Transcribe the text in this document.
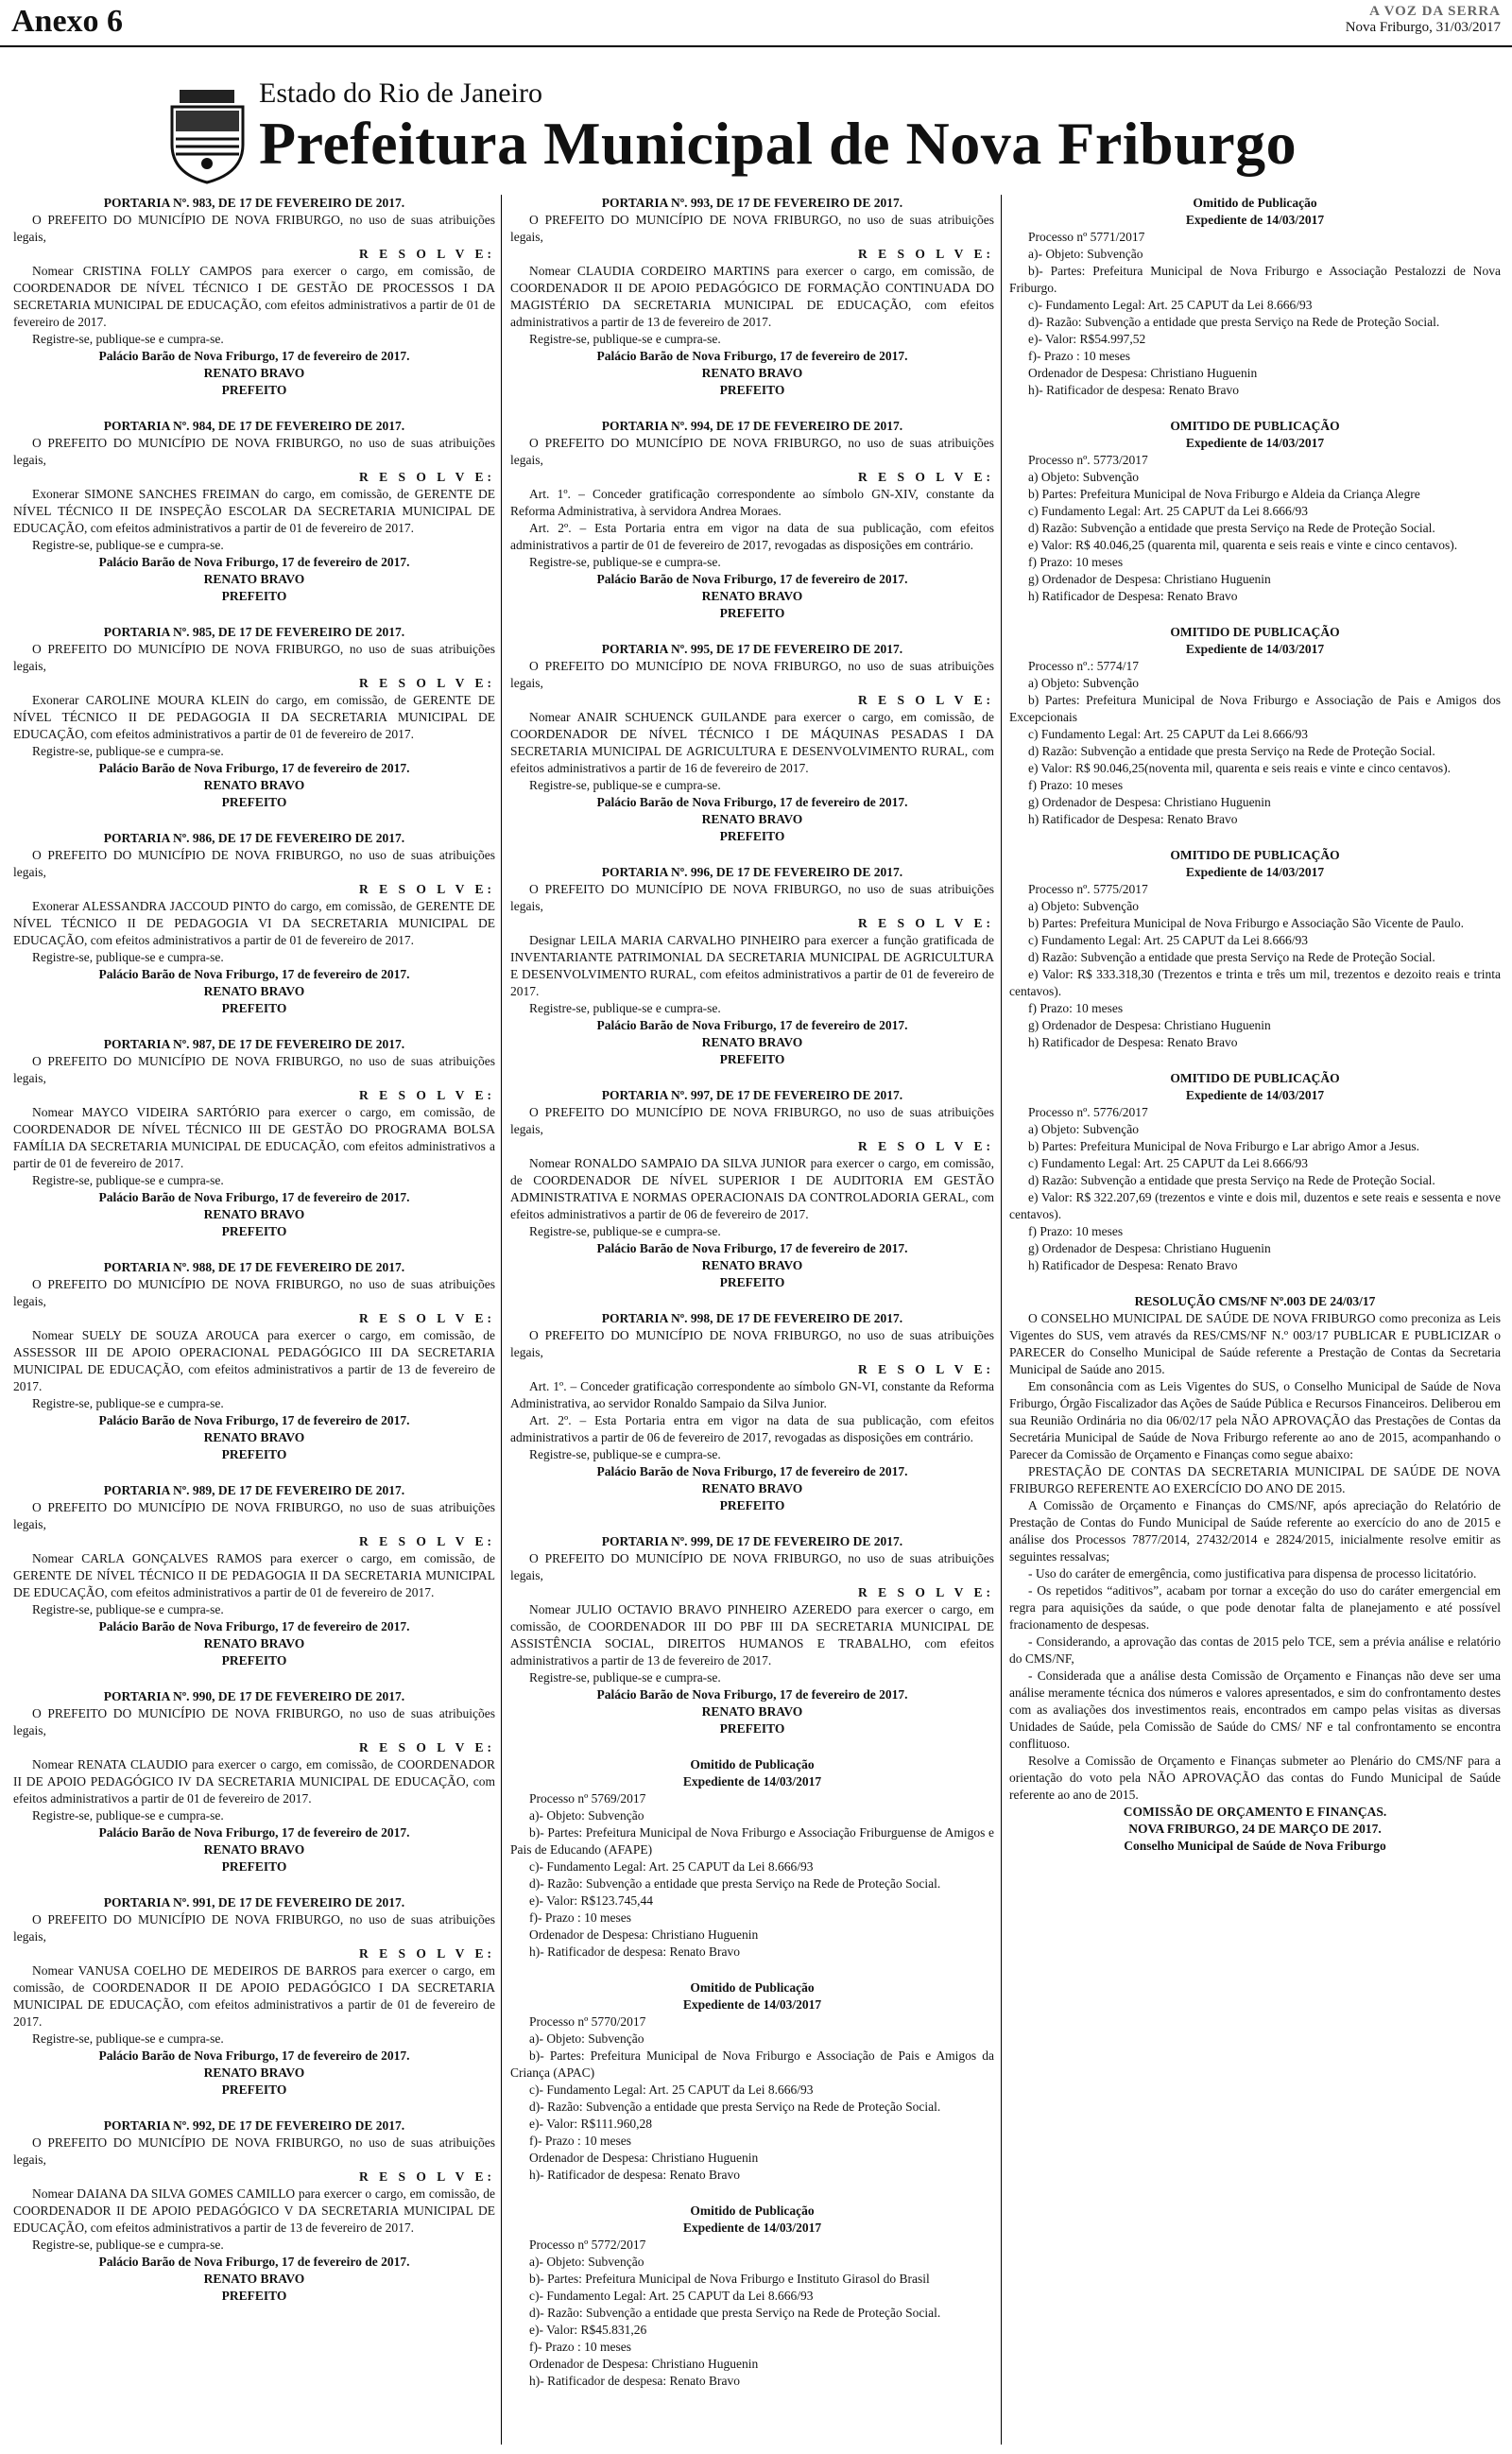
Anexo 6	A VOZ DA SERRA
Nova Friburgo, 31/03/2017
Estado do Rio de Janeiro
Prefeitura Municipal de Nova Friburgo
PORTARIA Nº. 983, DE 17 DE FEVEREIRO DE 2017.
O PREFEITO DO MUNICÍPIO DE NOVA FRIBURGO, no uso de suas atribuições legais,
R E S O L V E:
Nomear CRISTINA FOLLY CAMPOS para exercer o cargo, em comissão, de COORDENADOR DE NÍVEL TÉCNICO I DE GESTÃO DE PROCESSOS I DA SECRETARIA MUNICIPAL DE EDUCAÇÃO, com efeitos administrativos a partir de 01 de fevereiro de 2017.
Registre-se, publique-se e cumpra-se.
Palácio Barão de Nova Friburgo, 17 de fevereiro de 2017.
RENATO BRAVO
PREFEITO
PORTARIA Nº. 984, DE 17 DE FEVEREIRO DE 2017.
O PREFEITO DO MUNICÍPIO DE NOVA FRIBURGO, no uso de suas atribuições legais,
R E S O L V E:
Exonerar SIMONE SANCHES FREIMAN do cargo, em comissão, de GERENTE DE NÍVEL TÉCNICO II DE INSPEÇÃO ESCOLAR DA SECRETARIA MUNICIPAL DE EDUCAÇÃO, com efeitos administrativos a partir de 01 de fevereiro de 2017.
Registre-se, publique-se e cumpra-se.
Palácio Barão de Nova Friburgo, 17 de fevereiro de 2017.
RENATO BRAVO
PREFEITO
PORTARIA Nº. 985, DE 17 DE FEVEREIRO DE 2017.
O PREFEITO DO MUNICÍPIO DE NOVA FRIBURGO, no uso de suas atribuições legais,
R E S O L V E:
Exonerar CAROLINE MOURA KLEIN do cargo, em comissão, de GERENTE DE NÍVEL TÉCNICO II DE PEDAGOGIA II DA SECRETARIA MUNICIPAL DE EDUCAÇÃO, com efeitos administrativos a partir de 01 de fevereiro de 2017.
Registre-se, publique-se e cumpra-se.
Palácio Barão de Nova Friburgo, 17 de fevereiro de 2017.
RENATO BRAVO
PREFEITO
PORTARIA Nº. 986, DE 17 DE FEVEREIRO DE 2017.
O PREFEITO DO MUNICÍPIO DE NOVA FRIBURGO, no uso de suas atribuições legais,
R E S O L V E:
Exonerar ALESSANDRA JACCOUD PINTO do cargo, em comissão, de GERENTE DE NÍVEL TÉCNICO II DE PEDAGOGIA VI DA SECRETARIA MUNICIPAL DE EDUCAÇÃO, com efeitos administrativos a partir de 01 de fevereiro de 2017.
Registre-se, publique-se e cumpra-se.
Palácio Barão de Nova Friburgo, 17 de fevereiro de 2017.
RENATO BRAVO
PREFEITO
PORTARIA Nº. 987, DE 17 DE FEVEREIRO DE 2017.
O PREFEITO DO MUNICÍPIO DE NOVA FRIBURGO, no uso de suas atribuições legais,
R E S O L V E:
Nomear MAYCO VIDEIRA SARTÓRIO para exercer o cargo, em comissão, de COORDENADOR DE NÍVEL TÉCNICO III DE GESTÃO DO PROGRAMA BOLSA FAMÍLIA DA SECRETARIA MUNICIPAL DE EDUCAÇÃO, com efeitos administrativos a partir de 01 de fevereiro de 2017.
Registre-se, publique-se e cumpra-se.
Palácio Barão de Nova Friburgo, 17 de fevereiro de 2017.
RENATO BRAVO
PREFEITO
PORTARIA Nº. 988, DE 17 DE FEVEREIRO DE 2017.
O PREFEITO DO MUNICÍPIO DE NOVA FRIBURGO, no uso de suas atribuições legais,
R E S O L V E:
Nomear SUELY DE SOUZA AROUCA para exercer o cargo, em comissão, de ASSESSOR III DE APOIO OPERACIONAL PEDAGÓGICO III DA SECRETARIA MUNICIPAL DE EDUCAÇÃO, com efeitos administrativos a partir de 13 de fevereiro de 2017.
Registre-se, publique-se e cumpra-se.
Palácio Barão de Nova Friburgo, 17 de fevereiro de 2017.
RENATO BRAVO
PREFEITO
PORTARIA Nº. 989, DE 17 DE FEVEREIRO DE 2017.
O PREFEITO DO MUNICÍPIO DE NOVA FRIBURGO, no uso de suas atribuições legais,
R E S O L V E:
Nomear CARLA GONÇALVES RAMOS para exercer o cargo, em comissão, de GERENTE DE NÍVEL TÉCNICO II DE PEDAGOGIA II DA SECRETARIA MUNICIPAL DE EDUCAÇÃO, com efeitos administrativos a partir de 01 de fevereiro de 2017.
Registre-se, publique-se e cumpra-se.
Palácio Barão de Nova Friburgo, 17 de fevereiro de 2017.
RENATO BRAVO
PREFEITO
PORTARIA Nº. 990, DE 17 DE FEVEREIRO DE 2017.
O PREFEITO DO MUNICÍPIO DE NOVA FRIBURGO, no uso de suas atribuições legais,
R E S O L V E:
Nomear RENATA CLAUDIO para exercer o cargo, em comissão, de COORDENADOR II DE APOIO PEDAGÓGICO IV DA SECRETARIA MUNICIPAL DE EDUCAÇÃO, com efeitos administrativos a partir de 01 de fevereiro de 2017.
Registre-se, publique-se e cumpra-se.
Palácio Barão de Nova Friburgo, 17 de fevereiro de 2017.
RENATO BRAVO
PREFEITO
PORTARIA Nº. 991, DE 17 DE FEVEREIRO DE 2017.
O PREFEITO DO MUNICÍPIO DE NOVA FRIBURGO, no uso de suas atribuições legais,
R E S O L V E:
Nomear VANUSA COELHO DE MEDEIROS DE BARROS para exercer o cargo, em comissão, de COORDENADOR II DE APOIO PEDAGÓGICO I DA SECRETARIA MUNICIPAL DE EDUCAÇÃO, com efeitos administrativos a partir de 01 de fevereiro de 2017.
Registre-se, publique-se e cumpra-se.
Palácio Barão de Nova Friburgo, 17 de fevereiro de 2017.
RENATO BRAVO
PREFEITO
PORTARIA Nº. 992, DE 17 DE FEVEREIRO DE 2017.
O PREFEITO DO MUNICÍPIO DE NOVA FRIBURGO, no uso de suas atribuições legais,
R E S O L V E:
Nomear DAIANA DA SILVA GOMES CAMILLO para exercer o cargo, em comissão, de COORDENADOR II DE APOIO PEDAGÓGICO V DA SECRETARIA MUNICIPAL DE EDUCAÇÃO, com efeitos administrativos a partir de 13 de fevereiro de 2017.
Registre-se, publique-se e cumpra-se.
Palácio Barão de Nova Friburgo, 17 de fevereiro de 2017.
RENATO BRAVO
PREFEITO
PORTARIA Nº. 993, DE 17 DE FEVEREIRO DE 2017.
O PREFEITO DO MUNICÍPIO DE NOVA FRIBURGO, no uso de suas atribuições legais,
R E S O L V E:
Nomear CLAUDIA CORDEIRO MARTINS para exercer o cargo, em comissão, de COORDENADOR II DE APOIO PEDAGÓGICO DE FORMAÇÃO CONTINUADA DO MAGISTÉRIO DA SECRETARIA MUNICIPAL DE EDUCAÇÃO, com efeitos administrativos a partir de 13 de fevereiro de 2017.
Registre-se, publique-se e cumpra-se.
Palácio Barão de Nova Friburgo, 17 de fevereiro de 2017.
RENATO BRAVO
PREFEITO
PORTARIA Nº. 994, DE 17 DE FEVEREIRO DE 2017.
O PREFEITO DO MUNICÍPIO DE NOVA FRIBURGO, no uso de suas atribuições legais,
R E S O L V E:
Art. 1º. – Conceder gratificação correspondente ao símbolo GN-XIV, constante da Reforma Administrativa, à servidora Andrea Moraes.
Art. 2º. – Esta Portaria entra em vigor na data de sua publicação, com efeitos administrativos a partir de 01 de fevereiro de 2017, revogadas as disposições em contrário.
Registre-se, publique-se e cumpra-se.
Palácio Barão de Nova Friburgo, 17 de fevereiro de 2017.
RENATO BRAVO
PREFEITO
PORTARIA Nº. 995, DE 17 DE FEVEREIRO DE 2017.
O PREFEITO DO MUNICÍPIO DE NOVA FRIBURGO, no uso de suas atribuições legais,
R E S O L V E:
Nomear ANAIR SCHUENCK GUILANDE para exercer o cargo, em comissão, de COORDENADOR DE NÍVEL TÉCNICO I DE MÁQUINAS PESADAS I DA SECRETARIA MUNICIPAL DE AGRICULTURA E DESENVOLVIMENTO RURAL, com efeitos administrativos a partir de 16 de fevereiro de 2017.
Registre-se, publique-se e cumpra-se.
Palácio Barão de Nova Friburgo, 17 de fevereiro de 2017.
RENATO BRAVO
PREFEITO
PORTARIA Nº. 996, DE 17 DE FEVEREIRO DE 2017.
O PREFEITO DO MUNICÍPIO DE NOVA FRIBURGO, no uso de suas atribuições legais,
R E S O L V E:
Designar LEILA MARIA CARVALHO PINHEIRO para exercer a função gratificada de INVENTARIANTE PATRIMONIAL DA SECRETARIA MUNICIPAL DE AGRICULTURA E DESENVOLVIMENTO RURAL, com efeitos administrativos a partir de 01 de fevereiro de 2017.
Registre-se, publique-se e cumpra-se.
Palácio Barão de Nova Friburgo, 17 de fevereiro de 2017.
RENATO BRAVO
PREFEITO
PORTARIA Nº. 997, DE 17 DE FEVEREIRO DE 2017.
O PREFEITO DO MUNICÍPIO DE NOVA FRIBURGO, no uso de suas atribuições legais,
R E S O L V E:
Nomear RONALDO SAMPAIO DA SILVA JUNIOR para exercer o cargo, em comissão, de COORDENADOR DE NÍVEL SUPERIOR I DE AUDITORIA EM GESTÃO ADMINISTRATIVA E NORMAS OPERACIONAIS DA CONTROLADORIA GERAL, com efeitos administrativos a partir de 06 de fevereiro de 2017.
Registre-se, publique-se e cumpra-se.
Palácio Barão de Nova Friburgo, 17 de fevereiro de 2017.
RENATO BRAVO
PREFEITO
PORTARIA Nº. 998, DE 17 DE FEVEREIRO DE 2017.
O PREFEITO DO MUNICÍPIO DE NOVA FRIBURGO, no uso de suas atribuições legais,
R E S O L V E:
Art. 1º. – Conceder gratificação correspondente ao símbolo GN-VI, constante da Reforma Administrativa, ao servidor Ronaldo Sampaio da Silva Junior.
Art. 2º. – Esta Portaria entra em vigor na data de sua publicação, com efeitos administrativos a partir de 06 de fevereiro de 2017, revogadas as disposições em contrário.
Registre-se, publique-se e cumpra-se.
Palácio Barão de Nova Friburgo, 17 de fevereiro de 2017.
RENATO BRAVO
PREFEITO
PORTARIA Nº. 999, DE 17 DE FEVEREIRO DE 2017.
O PREFEITO DO MUNICÍPIO DE NOVA FRIBURGO, no uso de suas atribuições legais,
R E S O L V E:
Nomear JULIO OCTAVIO BRAVO PINHEIRO AZEREDO para exercer o cargo, em comissão, de COORDENADOR III DO PBF III DA SECRETARIA MUNICIPAL DE ASSISTÊNCIA SOCIAL, DIREITOS HUMANOS E TRABALHO, com efeitos administrativos a partir de 13 de fevereiro de 2017.
Registre-se, publique-se e cumpra-se.
Palácio Barão de Nova Friburgo, 17 de fevereiro de 2017.
RENATO BRAVO
PREFEITO
Omitido de Publicação
Expediente de 14/03/2017
Processo nº 5769/2017
a)- Objeto: Subvenção
b)- Partes: Prefeitura Municipal de Nova Friburgo e Associação Friburguense de Amigos e Pais de Educando (AFAPE)
c)- Fundamento Legal: Art. 25 CAPUT da Lei 8.666/93
d)- Razão: Subvenção a entidade que presta Serviço na Rede de Proteção Social.
e)- Valor: R$123.745,44
f)- Prazo : 10 meses
Ordenador de Despesa: Christiano Huguenin
h)- Ratificador de despesa: Renato Bravo
Omitido de Publicação
Expediente de 14/03/2017
Processo nº 5770/2017
a)- Objeto: Subvenção
b)- Partes: Prefeitura Municipal de Nova Friburgo e Associação de Pais e Amigos da Criança (APAC)
c)- Fundamento Legal: Art. 25 CAPUT da Lei 8.666/93
d)- Razão: Subvenção a entidade que presta Serviço na Rede de Proteção Social.
e)- Valor: R$111.960,28
f)- Prazo : 10 meses
Ordenador de Despesa: Christiano Huguenin
h)- Ratificador de despesa: Renato Bravo
Omitido de Publicação
Expediente de 14/03/2017
Processo nº 5772/2017
a)- Objeto: Subvenção
b)- Partes: Prefeitura Municipal de Nova Friburgo e Instituto Girasol do Brasil
c)- Fundamento Legal: Art. 25 CAPUT da Lei 8.666/93
d)- Razão: Subvenção a entidade que presta Serviço na Rede de Proteção Social.
e)- Valor: R$45.831,26
f)- Prazo : 10 meses
Ordenador de Despesa: Christiano Huguenin
h)- Ratificador de despesa: Renato Bravo
Omitido de Publicação
Expediente de 14/03/2017
Processo nº 5771/2017
a)- Objeto: Subvenção
b)- Partes: Prefeitura Municipal de Nova Friburgo e Associação Pestalozzi de Nova Friburgo.
c)- Fundamento Legal: Art. 25 CAPUT da Lei 8.666/93
d)- Razão: Subvenção a entidade que presta Serviço na Rede de Proteção Social.
e)- Valor: R$54.997,52
f)- Prazo : 10 meses
Ordenador de Despesa: Christiano Huguenin
h)- Ratificador de despesa: Renato Bravo
OMITIDO DE PUBLICAÇÃO
Expediente de 14/03/2017
Processo nº. 5773/2017
a) Objeto: Subvenção
b) Partes: Prefeitura Municipal de Nova Friburgo e Aldeia da Criança Alegre
c) Fundamento Legal: Art. 25 CAPUT da Lei 8.666/93
d) Razão: Subvenção a entidade que presta Serviço na Rede de Proteção Social.
e) Valor: R$ 40.046,25 (quarenta mil, quarenta e seis reais e vinte e cinco centavos).
f) Prazo: 10 meses
g) Ordenador de Despesa: Christiano Huguenin
h) Ratificador de Despesa: Renato Bravo
OMITIDO DE PUBLICAÇÃO
Expediente de 14/03/2017
Processo nº.: 5774/17
a) Objeto: Subvenção
b) Partes: Prefeitura Municipal de Nova Friburgo e Associação de Pais e Amigos dos Excepcionais
c) Fundamento Legal: Art. 25 CAPUT da Lei 8.666/93
d) Razão: Subvenção a entidade que presta Serviço na Rede de Proteção Social.
e) Valor: R$ 90.046,25(noventa mil, quarenta e seis reais e vinte e cinco centavos).
f) Prazo: 10 meses
g) Ordenador de Despesa: Christiano Huguenin
h) Ratificador de Despesa: Renato Bravo
OMITIDO DE PUBLICAÇÃO
Expediente de 14/03/2017
Processo nº. 5775/2017
a) Objeto: Subvenção
b) Partes: Prefeitura Municipal de Nova Friburgo e Associação São Vicente de Paulo.
c) Fundamento Legal: Art. 25 CAPUT da Lei 8.666/93
d) Razão: Subvenção a entidade que presta Serviço na Rede de Proteção Social.
e) Valor: R$ 333.318,30 (Trezentos e trinta e três um mil, trezentos e dezoito reais e trinta centavos).
f) Prazo: 10 meses
g) Ordenador de Despesa: Christiano Huguenin
h) Ratificador de Despesa: Renato Bravo
OMITIDO DE PUBLICAÇÃO
Expediente de 14/03/2017
Processo nº. 5776/2017
a) Objeto: Subvenção
b) Partes: Prefeitura Municipal de Nova Friburgo e Lar abrigo Amor a Jesus.
c) Fundamento Legal: Art. 25 CAPUT da Lei 8.666/93
d) Razão: Subvenção a entidade que presta Serviço na Rede de Proteção Social.
e) Valor: R$ 322.207,69 (trezentos e vinte e dois mil, duzentos e sete reais e sessenta e nove centavos).
f) Prazo: 10 meses
g) Ordenador de Despesa: Christiano Huguenin
h) Ratificador de Despesa: Renato Bravo
RESOLUÇÃO CMS/NF Nº.003 DE 24/03/17
O CONSELHO MUNICIPAL DE SAÚDE DE NOVA FRIBURGO como preconiza as Leis Vigentes do SUS, vem através da RES/CMS/NF N.º 003/17 PUBLICAR E PUBLICIZAR o PARECER do Conselho Municipal de Saúde referente a Prestação de Contas da Secretaria Municipal de Saúde ano 2015.
Em consonância com as Leis Vigentes do SUS, o Conselho Municipal de Saúde de Nova Friburgo, Órgão Fiscalizador das Ações de Saúde Pública e Recursos Financeiros. Deliberou em sua Reunião Ordinária no dia 06/02/17 pela NÃO APROVAÇÃO das Prestações de Contas da Secretária Municipal de Saúde de Nova Friburgo referente ao ano de 2015, acompanhando o Parecer da Comissão de Orçamento e Finanças como segue abaixo:
PRESTAÇÃO DE CONTAS DA SECRETARIA MUNICIPAL DE SAÚDE DE NOVA FRIBURGO REFERENTE AO EXERCÍCIO DO ANO DE 2015.
A Comissão de Orçamento e Finanças do CMS/NF, após apreciação do Relatório de Prestação de Contas do Fundo Municipal de Saúde referente ao exercício do ano de 2015 e análise dos Processos 7877/2014, 27432/2014 e 2824/2015, inicialmente resolve emitir as seguintes ressalvas;
- Uso do caráter de emergência, como justificativa para dispensa de processo licitatório.
- Os repetidos “aditivos”, acabam por tornar a exceção do uso do caráter emergencial em regra para aquisições da saúde, o que pode denotar falta de planejamento e até possível fracionamento de despesas.
- Considerando, a aprovação das contas de 2015 pelo TCE, sem a prévia análise e relatório do CMS/NF,
- Considerada que a análise desta Comissão de Orçamento e Finanças não deve ser uma análise meramente técnica dos números e valores apresentados, e sim do confrontamento destes com as avaliações dos investimentos reais, encontrados em campo pelas visitas as diversas Unidades de Saúde, pela Comissão de Saúde do CMS/ NF e tal confrontamento se encontra conflituoso.
Resolve a Comissão de Orçamento e Finanças submeter ao Plenário do CMS/NF para a orientação do voto pela NÃO APROVAÇÃO das contas do Fundo Municipal de Saúde referente ao ano de 2015.
COMISSÃO DE ORÇAMENTO E FINANÇAS.
NOVA FRIBURGO, 24 DE MARÇO DE 2017.
Conselho Municipal de Saúde de Nova Friburgo
